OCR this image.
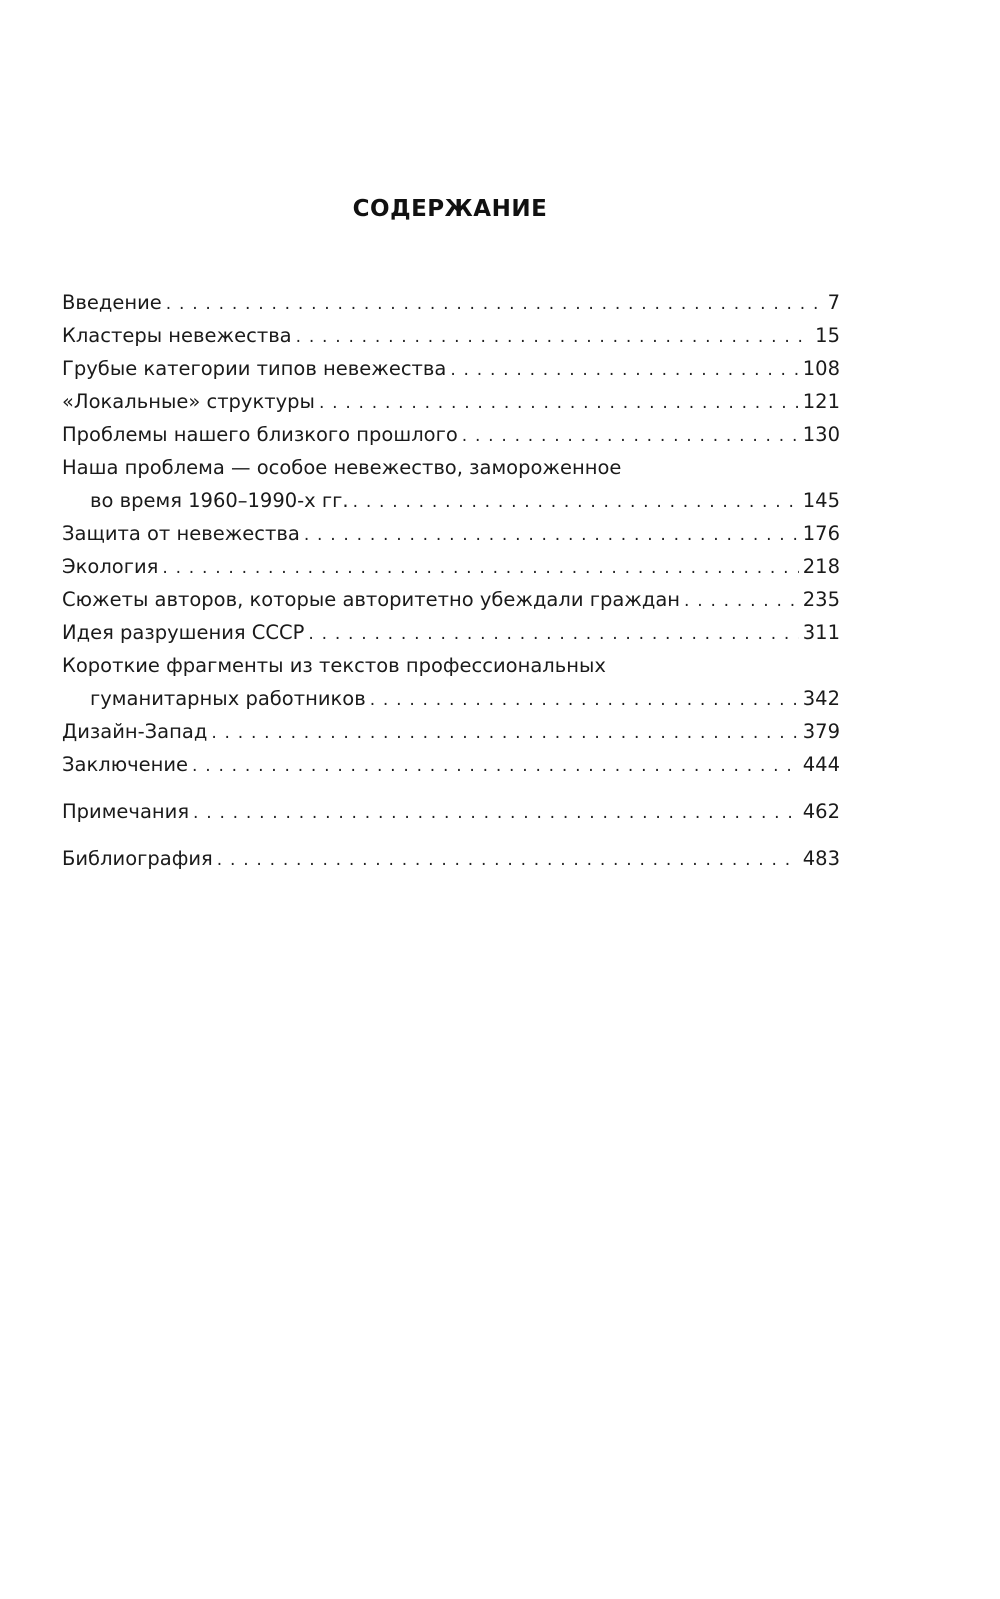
СОДЕРЖАНИЕ
Введение . . .	7
Кластеры невежества . . .	15
Грубые категории типов невежества . . .	108
«Локальные» структуры . . .	121
Проблемы нашего близкого прошлого . . .	130
Наша проблема — особое невежество, замороженное
во время 1960–1990-х гг. . . .	145
Защита от невежества . . .	176
Экология . . .	218
Сюжеты авторов, которые авторитетно убеждали граждан . . .	235
Идея разрушения СССР . . .	311
Короткие фрагменты из текстов профессиональных
гуманитарных работников . . .	342
Дизайн-Запад . . .	379
Заключение . . .	444
Примечания . . .	462
Библиография . . .	483
